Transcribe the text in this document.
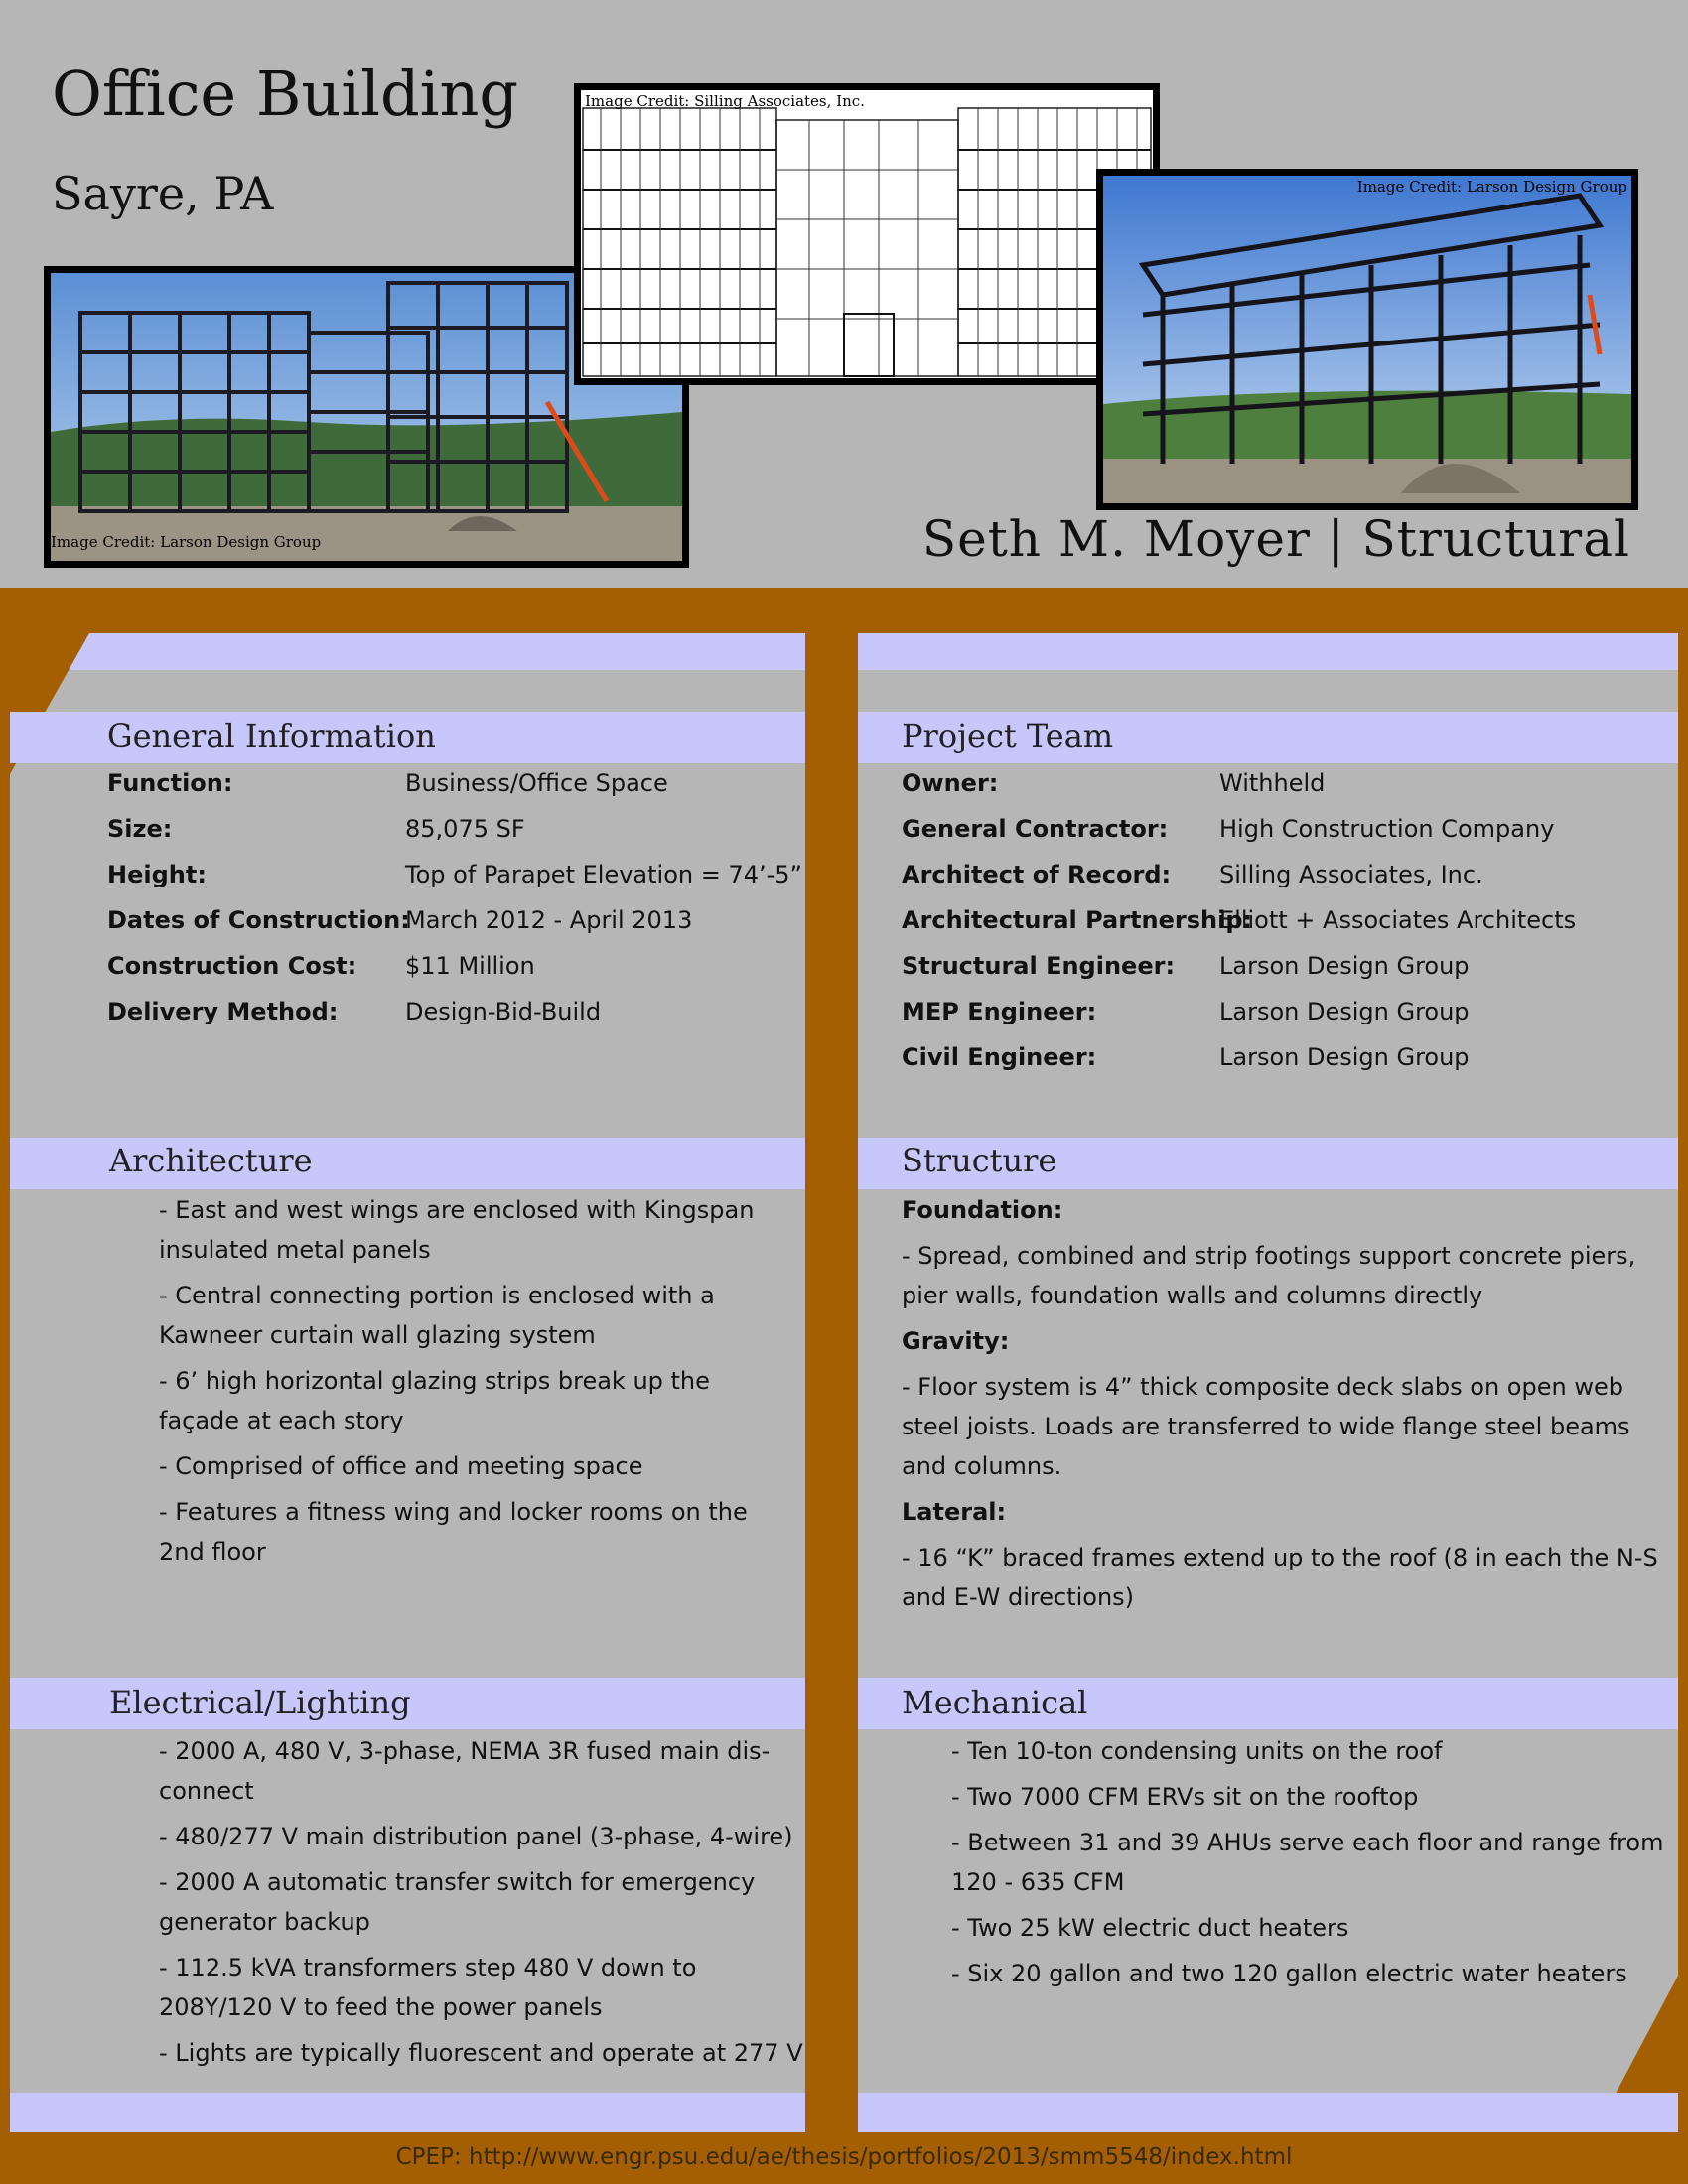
Office Building
Sayre, PA
Image Credit: Larson Design Group
Image Credit: Silling Associates, Inc.
Image Credit: Larson Design Group
Seth M. Moyer | Structural
General Information	Project Team
Architecture	Structure
Electrical/Lighting	Mechanical
Function:	Business/Office Space
Size:	85,075 SF
Height:	Top of Parapet Elevation = 74’-5”
Dates of Construction:
March 2012 - April 2013
Construction Cost: $11 Million
Delivery Method:	Design-Bid-Build
Owner:	Withheld
General Contractor: High Construction Company
Architect of Record: Silling Associates, Inc.
Architectural Partnership:
Elliott + Associates Architects
Structural Engineer: Larson Design Group
MEP Engineer:	Larson Design Group
Civil Engineer:	Larson Design Group
- East and west wings are enclosed with Kingspan
insulated metal panels
- Central connecting portion is enclosed with a
Kawneer curtain wall glazing system
- 6’ high horizontal glazing strips break up the
façade at each story
- Comprised of office and meeting space
- Features a fitness wing and locker rooms on the
2nd floor
Foundation:
- Spread, combined and strip footings support concrete piers,
pier walls, foundation walls and columns directly
Gravity:
- Floor system is 4” thick composite deck slabs on open web
steel joists. Loads are transferred to wide flange steel beams
and columns.
Lateral:
- 16 “K” braced frames extend up to the roof (8 in each the N-S
and E-W directions)
- 2000 A, 480 V, 3-phase, NEMA 3R fused main dis-
connect
- 480/277 V main distribution panel (3-phase, 4-wire)
- 2000 A automatic transfer switch for emergency
generator backup
- 112.5 kVA transformers step 480 V down to
208Y/120 V to feed the power panels
- Lights are typically fluorescent and operate at 277 V
- Ten 10-ton condensing units on the roof
- Two 7000 CFM ERVs sit on the rooftop
- Between 31 and 39 AHUs serve each floor and range from
120 - 635 CFM
- Two 25 kW electric duct heaters
- Six 20 gallon and two 120 gallon electric water heaters
CPEP: http://www.engr.psu.edu/ae/thesis/portfolios/2013/smm5548/index.html
